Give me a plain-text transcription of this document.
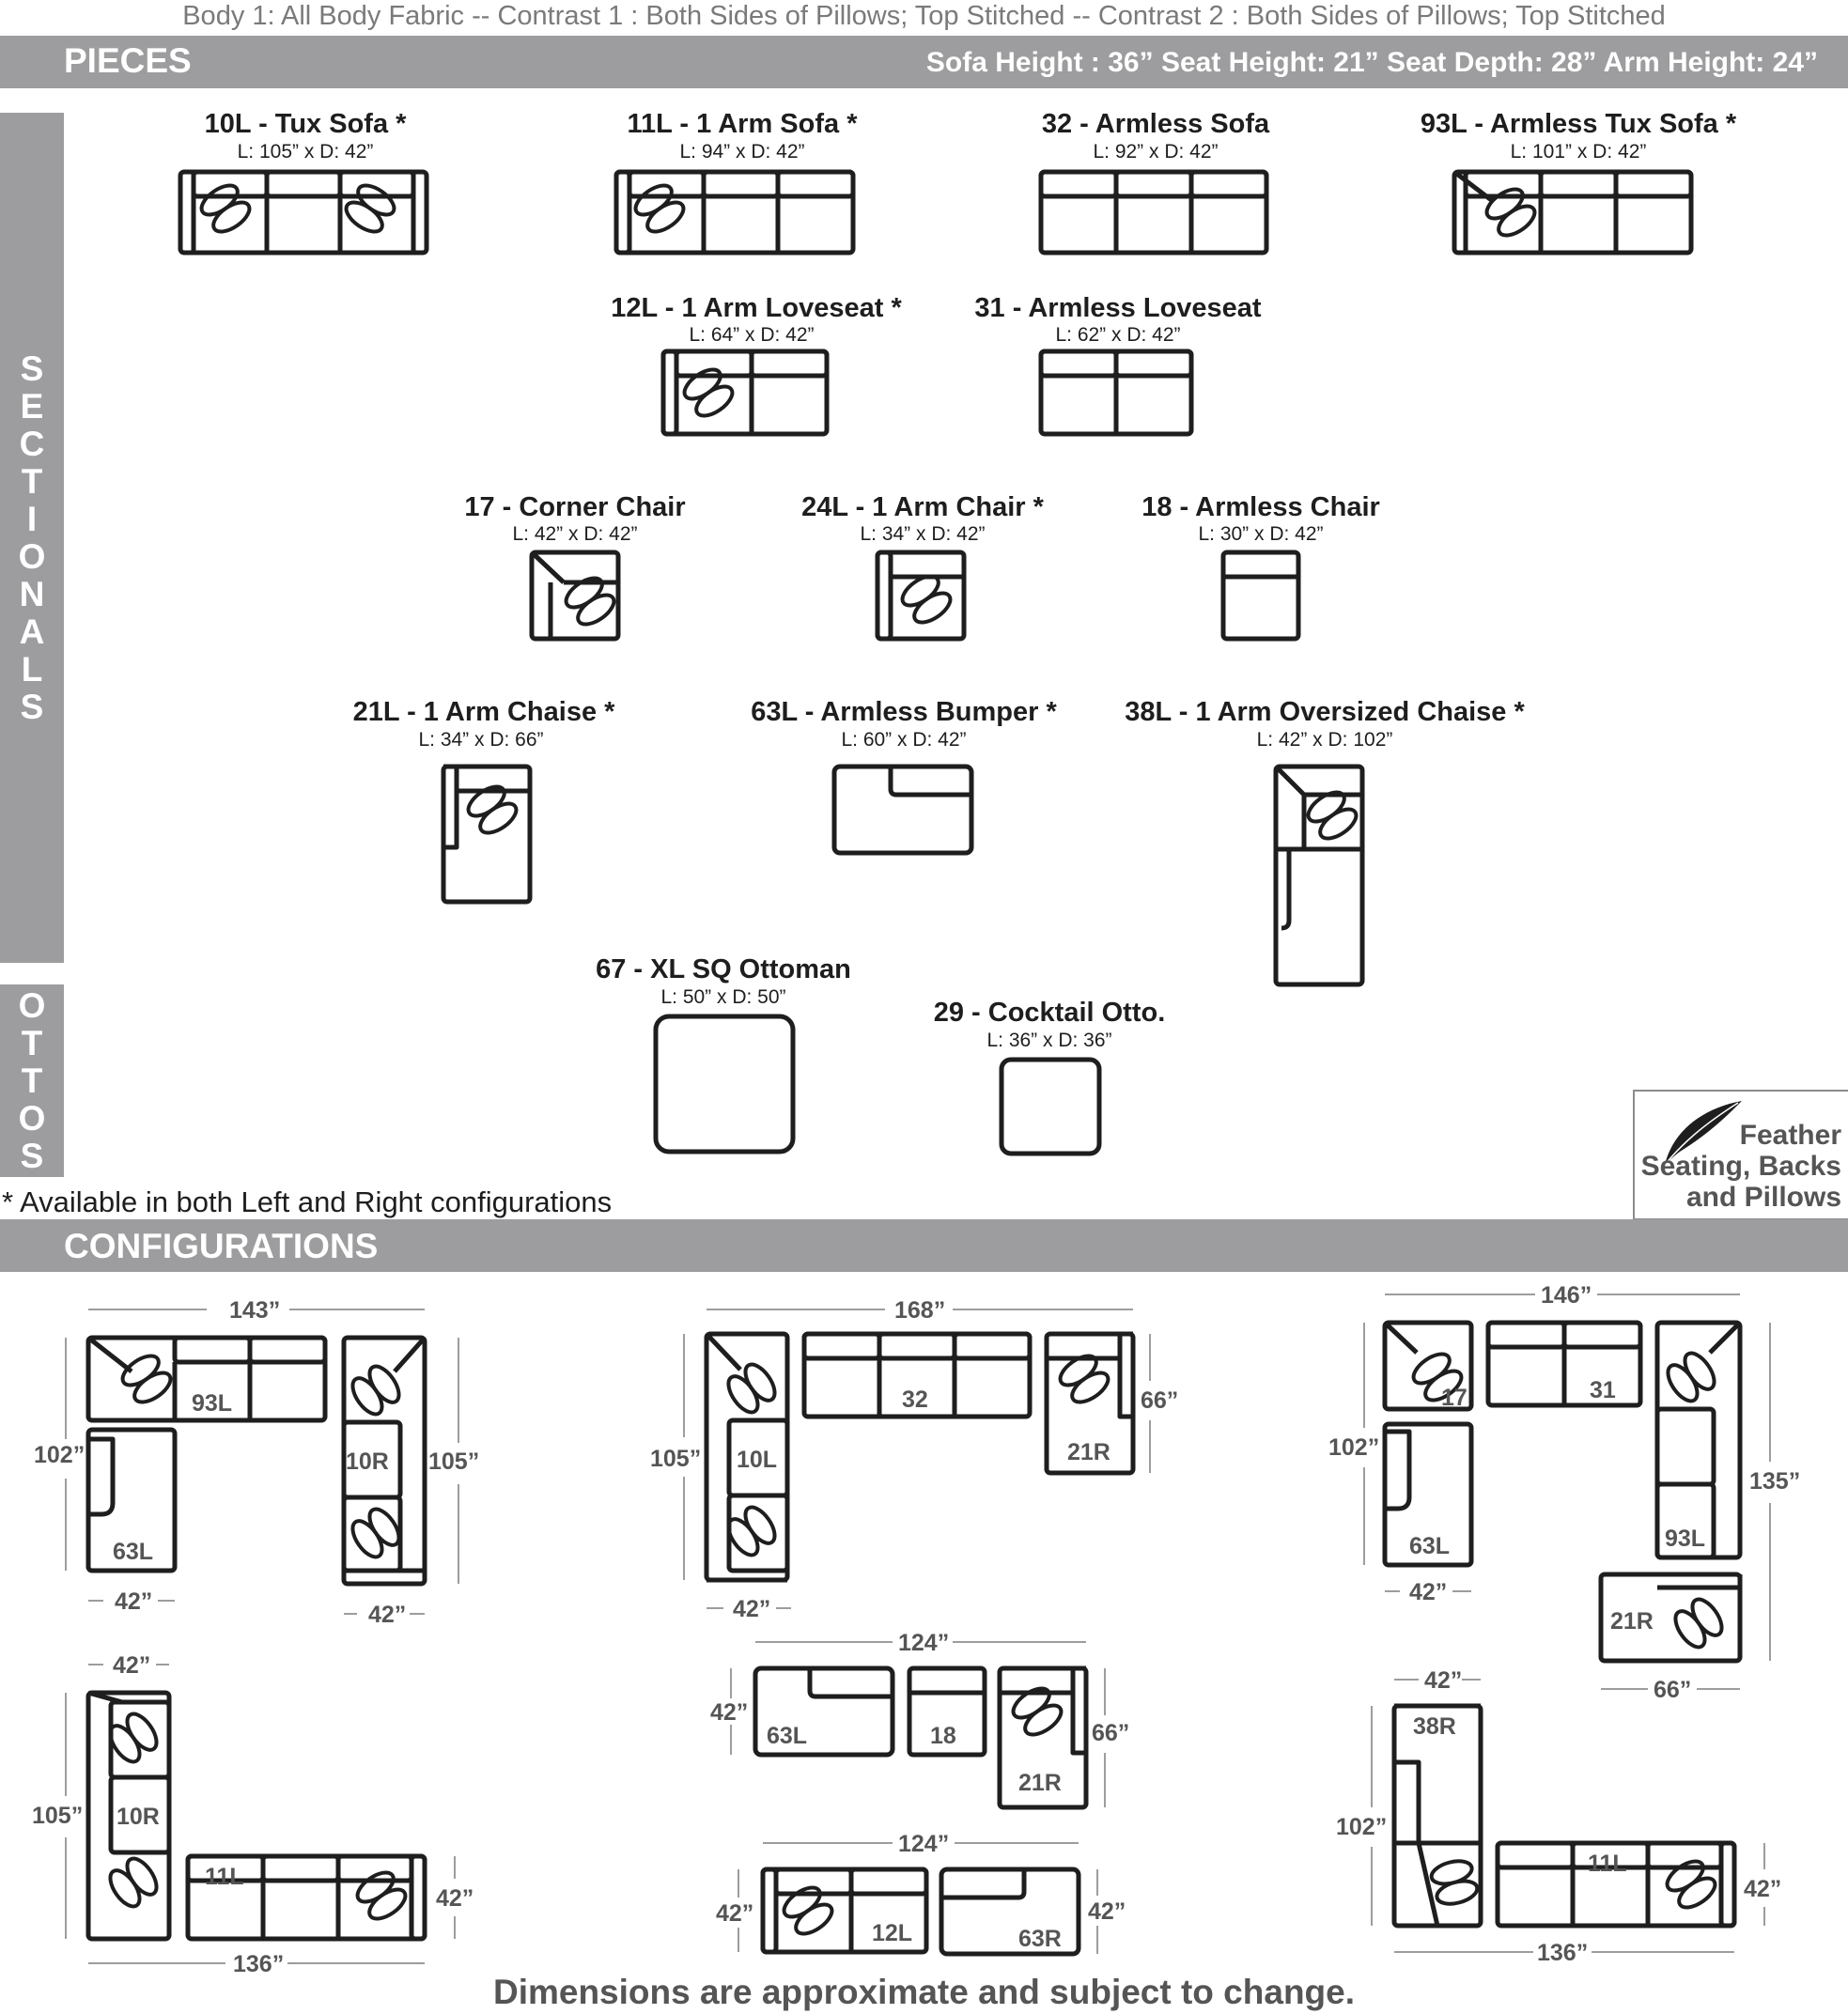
Body 1: All Body Fabric -- Contrast 1 : Both Sides of Pillows; Top Stitched -- Contrast 2 : Both Sides of Pillows; Top Stitched
PIECES	Sofa Height : 36” Seat Height: 21” Seat Depth: 28” Arm Height: 24”
S
E
C
T
I
O
N
A
L
S
O
T
T
O
S
10L - Tux Sofa *
L: 105” x D: 42”
11L - 1 Arm Sofa *
L: 94” x D: 42”
32 - Armless Sofa
L: 92” x D: 42”
93L - Armless Tux Sofa *
L: 101” x D: 42”
12L - 1 Arm Loveseat *
L: 64” x D: 42”
31 - Armless Loveseat
L: 62” x D: 42”
17 - Corner Chair
L: 42” x D: 42”
24L - 1 Arm Chair *
L: 34” x D: 42”
18 - Armless Chair
L: 30” x D: 42”
21L - 1 Arm Chaise *
L: 34” x D: 66”
63L - Armless Bumper *
L: 60” x D: 42”
38L - 1 Arm Oversized Chaise *
L: 42” x D: 102”
67 - XL SQ Ottoman
L: 50” x D: 50”
29 - Cocktail Otto.
L: 36” x D: 36”
* Available in both Left and Right configurations
Feather
Seating, Backs
and Pillows
CONFIGURATIONS
Dimensions are approximate and subject to change.
143”
102”	105”
42”	42”
168”
105”
66”
42”
146”
102”
135”
42”
66”
42”
105”
42”
136”
124”
42”
66”
124”
42”	42”
42”
102”
42”
136”
93L
63L
10R
32
10L	21R
17	31
63L	93L
21R
10R
11L
63L	18
21R
12L	63R
38R
11L
